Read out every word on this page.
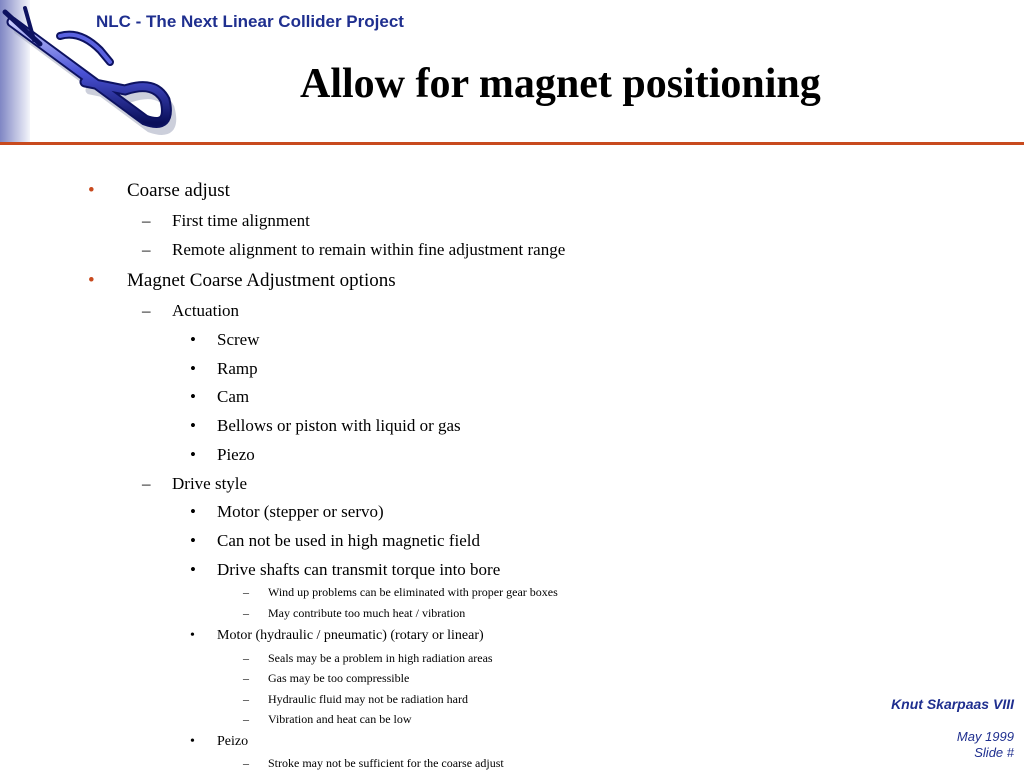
NLC - The Next Linear Collider Project
Allow for magnet positioning
• Coarse adjust
– First time alignment
– Remote alignment to remain within fine adjustment range
• Magnet Coarse Adjustment options
– Actuation
• Screw
• Ramp
• Cam
• Bellows or piston with liquid or gas
• Piezo
– Drive style
• Motor (stepper or servo)
• Can not be used in high magnetic field
• Drive shafts can transmit torque into bore
– Wind up problems can be eliminated with proper gear boxes
– May contribute too much heat / vibration
• Motor (hydraulic / pneumatic) (rotary or linear)
– Seals may be a problem in high radiation areas
– Gas may be too compressible
– Hydraulic fluid may not be radiation hard
– Vibration and heat can be low
• Peizo
– Stroke may not be sufficient for the coarse adjust
Knut Skarpaas VIII
May 1999
Slide #
